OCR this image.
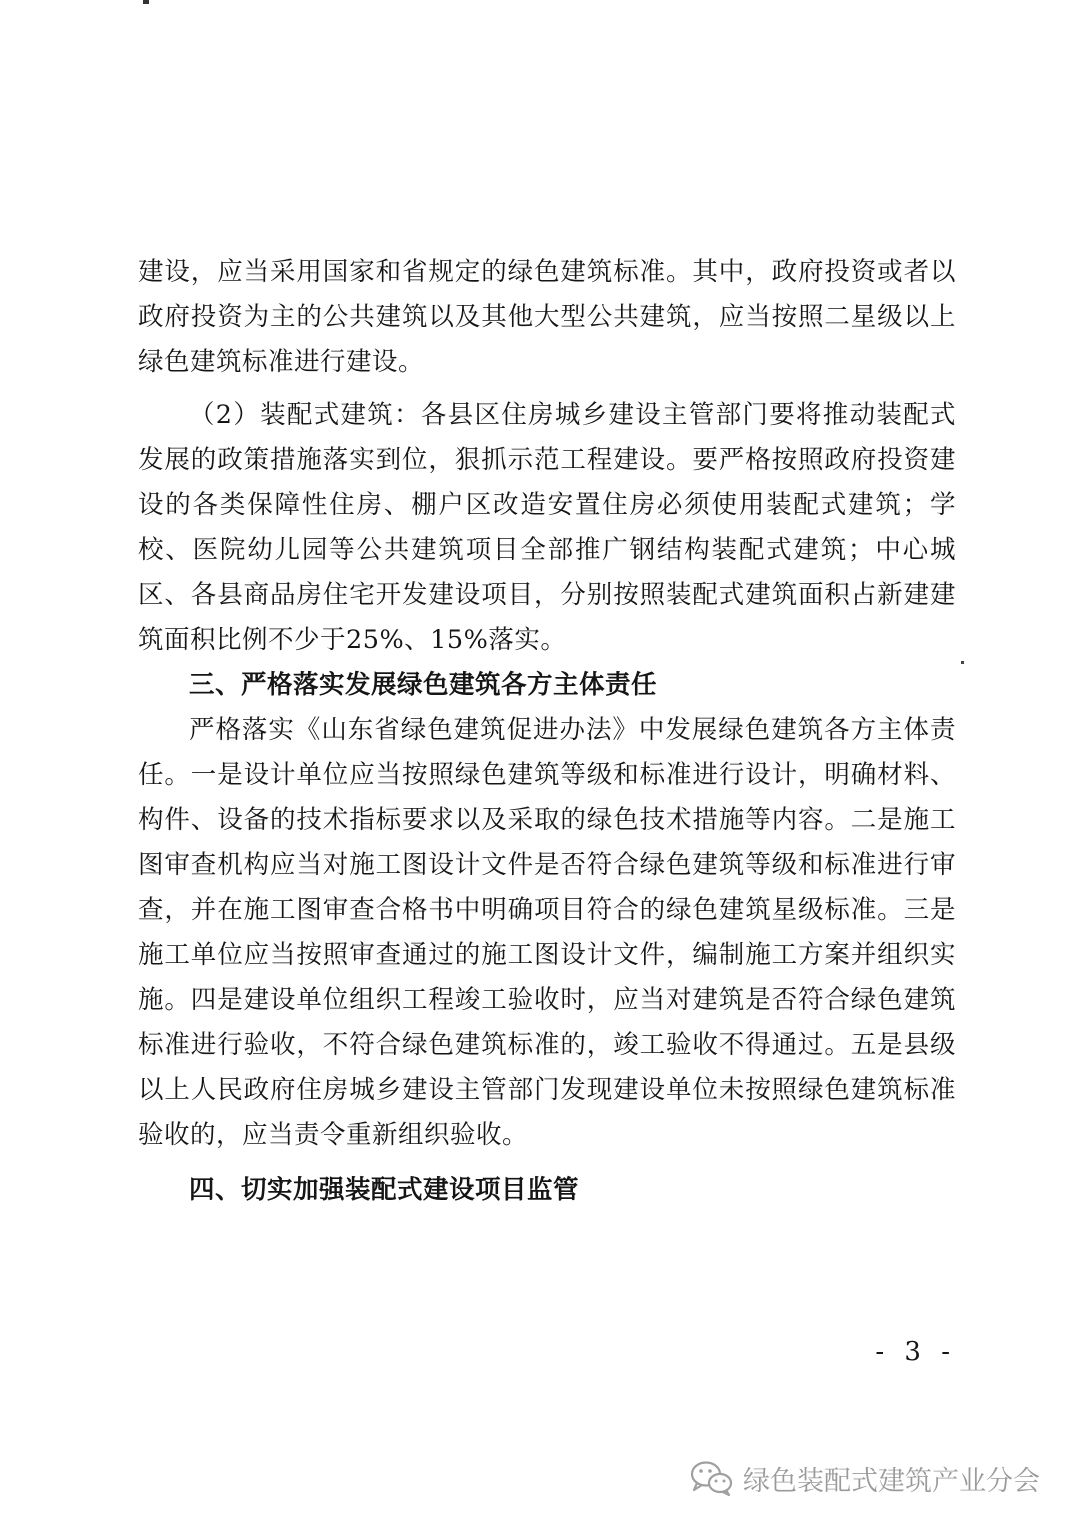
建设，应当采用国家和省规定的绿色建筑标准。其中，政府投资或者以政府投资为主的公共建筑以及其他大型公共建筑，应当按照二星级以上绿色建筑标准进行建设。

（2）装配式建筑：各县区住房城乡建设主管部门要将推动装配式发展的政策措施落实到位，狠抓示范工程建设。要严格按照政府投资建设的各类保障性住房、棚户区改造安置住房必须使用装配式建筑；学校、医院幼儿园等公共建筑项目全部推广钢结构装配式建筑；中心城区、各县商品房住宅开发建设项目，分别按照装配式建筑面积占新建建筑面积比例不少于25%、15%落实。

三、严格落实发展绿色建筑各方主体责任

严格落实《山东省绿色建筑促进办法》中发展绿色建筑各方主体责任。一是设计单位应当按照绿色建筑等级和标准进行设计，明确材料、构件、设备的技术指标要求以及采取的绿色技术措施等内容。二是施工图审查机构应当对施工图设计文件是否符合绿色建筑等级和标准进行审查，并在施工图审查合格书中明确项目符合的绿色建筑星级标准。三是施工单位应当按照审查通过的施工图设计文件，编制施工方案并组织实施。四是建设单位组织工程竣工验收时，应当对建筑是否符合绿色建筑标准进行验收，不符合绿色建筑标准的，竣工验收不得通过。五是县级以上人民政府住房城乡建设主管部门发现建设单位未按照绿色建筑标准验收的，应当责令重新组织验收。

四、切实加强装配式建设项目监管

- 3 -
绿色装配式建筑产业分会
